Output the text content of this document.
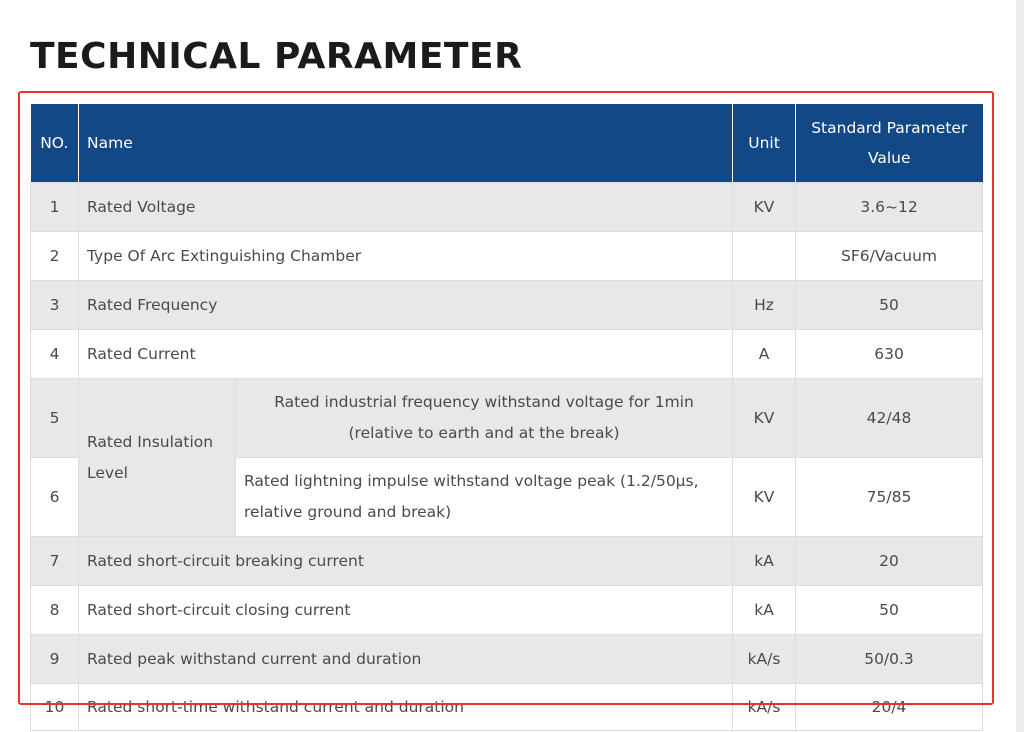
TECHNICAL PARAMETER
NO.	Name		Unit	Standard Parameter
Value
1	Rated Voltage		KV	3.6~12
2	Type Of Arc Extinguishing Chamber			SF6/Vacuum
3	Rated Frequency		Hz	50
4	Rated Current		A	630
5	Rated Insulation Level	Rated industrial frequency withstand voltage for 1min
(relative to earth and at the break)	KV	42/48
6		Rated lightning impulse withstand voltage peak (1.2/50μs,
relative ground and break)	KV	75/85
7	Rated short-circuit breaking current		kA	20
8	Rated short-circuit closing current		kA	50
9	Rated peak withstand current and duration		kA/s	50/0.3
10	Rated short-time withstand current and duration		kA/s	20/4
